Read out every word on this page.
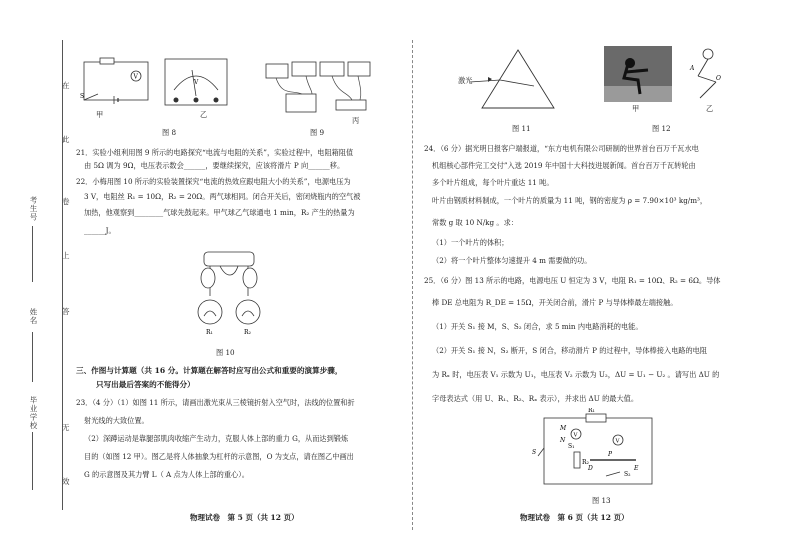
在
此
卷
上
答
无
效
考生号
姓名
毕业学校
V
S
甲
V
乙
丙
图 8	图 9
21．实验小组利用图 9 所示的电路探究“电流与电阻的关系”，实验过程中，电阻箱阻值
由 5Ω 调为 9Ω，电压表示数会______，要继续探究，应该将滑片 P 向______移。
22．小梅用图 10 所示的实验装置探究“电流的热效应跟电阻大小的关系”，电源电压为
3 V，电阻丝 R₁ = 10Ω，R₂ = 20Ω。两气球相同。闭合开关后，密闭烧瓶内的空气被
加热，他观察到________气球先鼓起来。甲气球乙气球通电 1 min，R₂ 产生的热量为
______J。
R₁	R₂
图 10
三、作图与计算题（共 16 分。计算题在解答时应写出公式和重要的演算步骤，
只写出最后答案的不能得分）
23．（4 分）（1）如图 11 所示，请画出激光束从三棱镜折射入空气时，法线的位置和折
射光线的大致位置。
（2）深蹲运动是靠腿部肌肉收缩产生动力，克服人体上部的重力 G，从而达到锻炼
目的（如图 12 甲）。图乙是将人体抽象为杠杆的示意图，O 为支点，请在图乙中画出
G 的示意图及其力臂 L（ A 点为人体上部的重心）。
物理试卷　第 5 页（共 12 页）
激光
甲
A
O
乙
图 11	图 12
24．（6 分）据光明日报客户端报道，“东方电机有限公司研制的世界首台百万千瓦水电
机组核心部件完工交付”入选 2019 年中国十大科技进展新闻。首台百万千瓦转轮由
多个叶片组成，每个叶片重达 11 吨。
叶片由钢质材料制成，一个叶片的质量为 11 吨，钢的密度为 ρ = 7.90×10³ kg/m³，
常数 g 取 10 N/kg 。求：
（1）一个叶片的体积；
（2）将一个叶片整体匀速提升 4 m 需要做的功。
25．（6 分）图 13 所示的电路，电源电压 U 恒定为 3 V，电阻 R₁ = 10Ω、R₂ = 6Ω。导体
棒 DE 总电阻为 R_DE = 15Ω，开关闭合前，滑片 P 与导体棒最左端接触。
（1）开关 S₁ 接 M，S、S₂ 闭合，求 5 min 内电路消耗的电能。
（2）开关 S₁ 接 N，S₂ 断开，S 闭合，移动滑片 P 的过程中，导体棒接入电路的电阻
为 Rₓ 时，电压表 V₁ 示数为 U₁，电压表 V₂ 示数为 U₂，ΔU = U₁ − U₂ 。请写出 ΔU 的
字母表达式（用 U、R₁、R₂、Rₓ 表示），并求出 ΔU 的最大值。
R₁
V
V
R₂
D	E
P
S
S₁
M
N
S₂
图 13
物理试卷　第 6 页（共 12 页）
